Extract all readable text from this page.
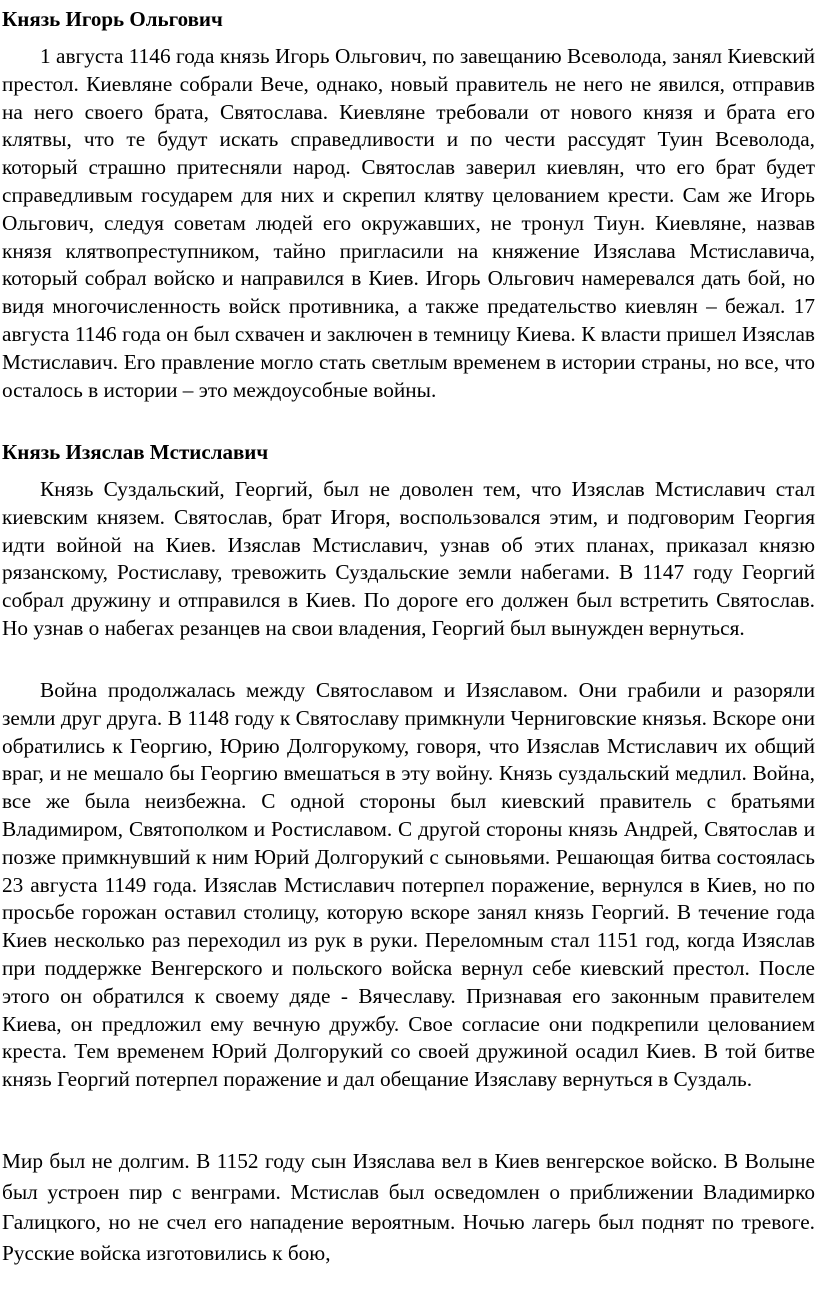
Князь Игорь Ольгович

1 августа 1146 года князь Игорь Ольгович, по завещанию Всеволода, занял Киевский престол. Киевляне собрали Вече, однако, новый правитель не него не явился, отправив на него своего брата, Святослава. Киевляне требовали от нового князя и брата его клятвы, что те будут искать справедливости и по чести рассудят Туин Всеволода, который страшно притесняли народ. Святослав заверил киевлян, что его брат будет справедливым государем для них и скрепил клятву целованием крести. Сам же Игорь Ольгович, следуя советам людей его окружавших, не тронул Тиун. Киевляне, назвав князя клятвопреступником, тайно пригласили на княжение Изяслава Мстиславича, который собрал войско и направился в Киев. Игорь Ольгович намеревался дать бой, но видя многочисленность войск противника, а также предательство киевлян – бежал. 17 августа 1146 года он был схвачен и заключен в темницу Киева. К власти пришел Изяслав Мстиславич. Его правление могло стать светлым временем в истории страны, но все, что осталось в истории – это междоусобные войны.

Князь Изяслав Мстиславич

Князь Суздальский, Георгий, был не доволен тем, что Изяслав Мстиславич стал киевским князем. Святослав, брат Игоря, воспользовался этим, и подговорим Георгия идти войной на Киев. Изяслав Мстиславич, узнав об этих планах, приказал князю рязанскому, Ростиславу, тревожить Суздальские земли набегами. В 1147 году Георгий собрал дружину и отправился в Киев. По дороге его должен был встретить Святослав. Но узнав о набегах резанцев на свои владения, Георгий был вынужден вернуться.

Война продолжалась между Святославом и Изяславом. Они грабили и разоряли земли друг друга. В 1148 году к Святославу примкнули Черниговские князья. Вскоре они обратились к Георгию, Юрию Долгорукому, говоря, что Изяслав Мстиславич их общий враг, и не мешало бы Георгию вмешаться в эту войну. Князь суздальский медлил. Война, все же была неизбежна. С одной стороны был киевский правитель с братьями Владимиром, Святополком и Ростиславом. С другой стороны князь Андрей, Святослав и позже примкнувший к ним Юрий Долгорукий с сыновьями. Решающая битва состоялась 23 августа 1149 года. Изяслав Мстиславич потерпел поражение, вернулся в Киев, но по просьбе горожан оставил столицу, которую вскоре занял князь Георгий. В течение года Киев несколько раз переходил из рук в руки. Переломным стал 1151 год, когда Изяслав при поддержке Венгерского и польского войска вернул себе киевский престол. После этого он обратился к своему дяде - Вячеславу. Признавая его законным правителем Киева, он предложил ему вечную дружбу. Свое согласие они подкрепили целованием креста. Тем временем Юрий Долгорукий со своей дружиной осадил Киев. В той битве князь Георгий потерпел поражение и дал обещание Изяславу вернуться в Суздаль.

Мир был не долгим. В 1152 году сын Изяслава вел в Киев венгерское войско. В Волыне был устроен пир с венграми. Мстислав был осведомлен о приближении Владимирко Галицкого, но не счел его нападение вероятным. Ночью лагерь был поднят по тревоге. Русские войска изготовились к бою,
